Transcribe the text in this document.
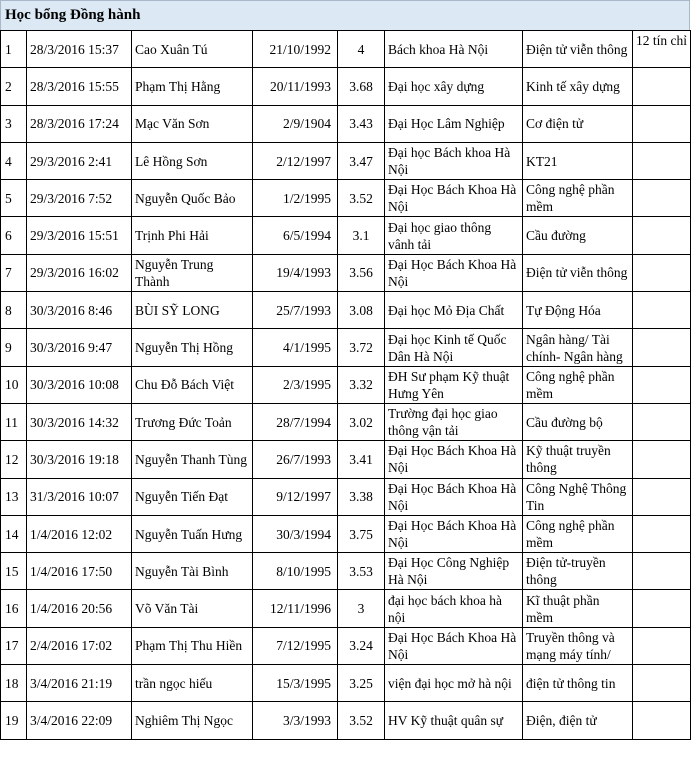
Học bổng Đồng hành
1	28/3/2016 15:37	Cao Xuân Tú	21/10/1992	4	Bách khoa Hà Nội	Điện tử viễn thông	12 tín chỉ
2	28/3/2016 15:55	Phạm Thị Hằng	20/11/1993	3.68	Đại học xây dựng	Kinh tế xây dựng	
3	28/3/2016 17:24	Mạc Văn Sơn	2/9/1904	3.43	Đại Học Lâm Nghiệp	Cơ điện tử	
4	29/3/2016 2:41	Lê Hồng Sơn	2/12/1997	3.47	Đại học Bách khoa Hà Nội	KT21	
5	29/3/2016 7:52	Nguyễn Quốc Bảo	1/2/1995	3.52	Đại Học Bách Khoa Hà Nội	Công nghệ phần mềm	
6	29/3/2016 15:51	Trịnh Phi Hải	6/5/1994	3.1	Đại học giao thông vânh tải	Cầu đường	
7	29/3/2016 16:02	Nguyễn Trung Thành	19/4/1993	3.56	Đại Học Bách Khoa Hà Nội	Điện tử viễn thông	
8	30/3/2016 8:46	BÙI SỸ LONG	25/7/1993	3.08	Đại học Mỏ Địa Chất	Tự Động Hóa	
9	30/3/2016 9:47	Nguyễn Thị Hồng	4/1/1995	3.72	Đại học Kinh tế Quốc Dân Hà Nội	Ngân hàng/ Tài chính- Ngân hàng	
10	30/3/2016 10:08	Chu Đỗ Bách Việt	2/3/1995	3.32	ĐH Sư phạm Kỹ thuật Hưng Yên	Công nghệ phần mềm	
11	30/3/2016 14:32	Trương Đức Toản	28/7/1994	3.02	Trường đại học giao thông vận tải	Cầu đường bộ	
12	30/3/2016 19:18	Nguyễn Thanh Tùng	26/7/1993	3.41	Đại Học Bách Khoa Hà Nội	Kỹ thuật truyền thông	
13	31/3/2016 10:07	Nguyễn Tiến Đạt	9/12/1997	3.38	Đại Học Bách Khoa Hà Nội	Công Nghệ Thông Tin	
14	1/4/2016 12:02	Nguyễn Tuấn Hưng	30/3/1994	3.75	Đại Học Bách Khoa Hà Nội	Công nghệ phần mềm	
15	1/4/2016 17:50	Nguyễn Tài Bình	8/10/1995	3.53	Đại Học Công Nghiệp Hà Nội	Điện tử-truyền thông	
16	1/4/2016 20:56	Võ Văn Tài	12/11/1996	3	đại học bách khoa hà nội	Kĩ thuật phần mềm	
17	2/4/2016 17:02	Phạm Thị Thu Hiền	7/12/1995	3.24	Đại Học Bách Khoa Hà Nội	Truyền thông và mạng máy tính/	
18	3/4/2016 21:19	trần ngọc hiếu	15/3/1995	3.25	viện đại học mở hà nội	điện tử thông tin	
19	3/4/2016 22:09	Nghiêm Thị Ngọc	3/3/1993	3.52	HV Kỹ thuật quân sự	Điện, điện tử	
